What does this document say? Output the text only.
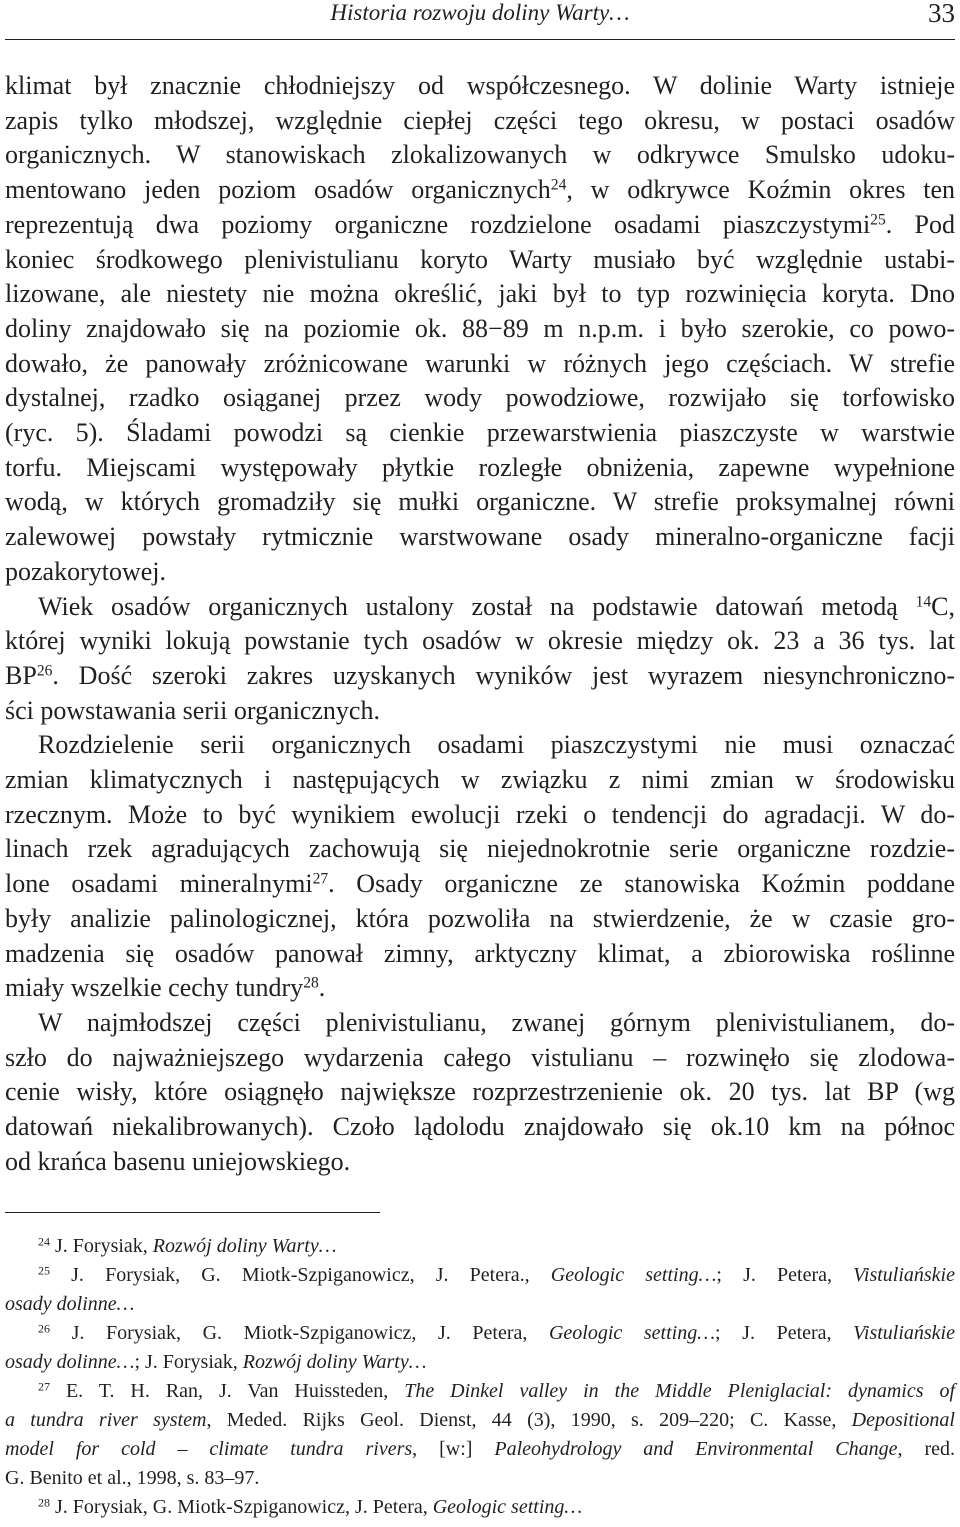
Historia rozwoju doliny Warty…	33
klimat był znacznie chłodniejszy od współczesnego. W dolinie Warty istnieje
zapis tylko młodszej, względnie ciepłej części tego okresu, w postaci osadów
organicznych. W stanowiskach zlokalizowanych w odkrywce Smulsko udoku-
mentowano jeden poziom osadów organicznych$^{24}$, w odkrywce Koźmin okres ten
reprezentują dwa poziomy organiczne rozdzielone osadami piaszczystymi$^{25}$. Pod
koniec środkowego plenivistulianu koryto Warty musiało być względnie ustabi-
lizowane, ale niestety nie można określić, jaki był to typ rozwinięcia koryta. Dno
doliny znajdowało się na poziomie ok. 88−89 m n.p.m. i było szerokie, co powo-
dowało, że panowały zróżnicowane warunki w różnych jego częściach. W strefie
dystalnej, rzadko osiąganej przez wody powodziowe, rozwijało się torfowisko
(ryc. 5). Śladami powodzi są cienkie przewarstwienia piaszczyste w warstwie
torfu. Miejscami występowały płytkie rozległe obniżenia, zapewne wypełnione
wodą, w których gromadziły się mułki organiczne. W strefie proksymalnej równi
zalewowej powstały rytmicznie warstwowane osady mineralno-organiczne facji
pozakorytowej.
Wiek osadów organicznych ustalony został na podstawie datowań metodą $^{14}$C,
której wyniki lokują powstanie tych osadów w okresie między ok. 23 a 36 tys. lat
BP$^{26}$. Dość szeroki zakres uzyskanych wyników jest wyrazem niesynchroniczno-
ści powstawania serii organicznych.
Rozdzielenie serii organicznych osadami piaszczystymi nie musi oznaczać
zmian klimatycznych i następujących w związku z nimi zmian w środowisku
rzecznym. Może to być wynikiem ewolucji rzeki o tendencji do agradacji. W do-
linach rzek agradujących zachowują się niejednokrotnie serie organiczne rozdzie-
lone osadami mineralnymi$^{27}$. Osady organiczne ze stanowiska Koźmin poddane
były analizie palinologicznej, która pozwoliła na stwierdzenie, że w czasie gro-
madzenia się osadów panował zimny, arktyczny klimat, a zbiorowiska roślinne
miały wszelkie cechy tundry$^{28}$.
W najmłodszej części plenivistulianu, zwanej górnym plenivistulianem, do-
szło do najważniejszego wydarzenia całego vistulianu – rozwinęło się zlodowa-
cenie wisły, które osiągnęło największe rozprzestrzenienie ok. 20 tys. lat BP (wg
datowań niekalibrowanych). Czoło lądolodu znajdowało się ok.10 km na północ
od krańca basenu uniejowskiego.
$^{24}$ J. Forysiak, Rozwój doliny Warty…
$^{25}$ J. Forysiak, G. Miotk-Szpiganowicz, J. Petera., Geologic setting…; J. Petera, Vistuliańskie
osady dolinne…
$^{26}$ J. Forysiak, G. Miotk-Szpiganowicz, J. Petera, Geologic setting…; J. Petera, Vistuliańskie
osady dolinne…; J. Forysiak, Rozwój doliny Warty…
$^{27}$ E. T. H. Ran, J. Van Huissteden, The Dinkel valley in the Middle Pleniglacial: dynamics of
a tundra river system, Meded. Rijks Geol. Dienst, 44 (3), 1990, s. 209–220; C. Kasse, Depositional
model for cold – climate tundra rivers, [w:] Paleohydrology and Environmental Change, red.
G. Benito et al., 1998, s. 83–97.
$^{28}$ J. Forysiak, G. Miotk-Szpiganowicz, J. Petera, Geologic setting…
